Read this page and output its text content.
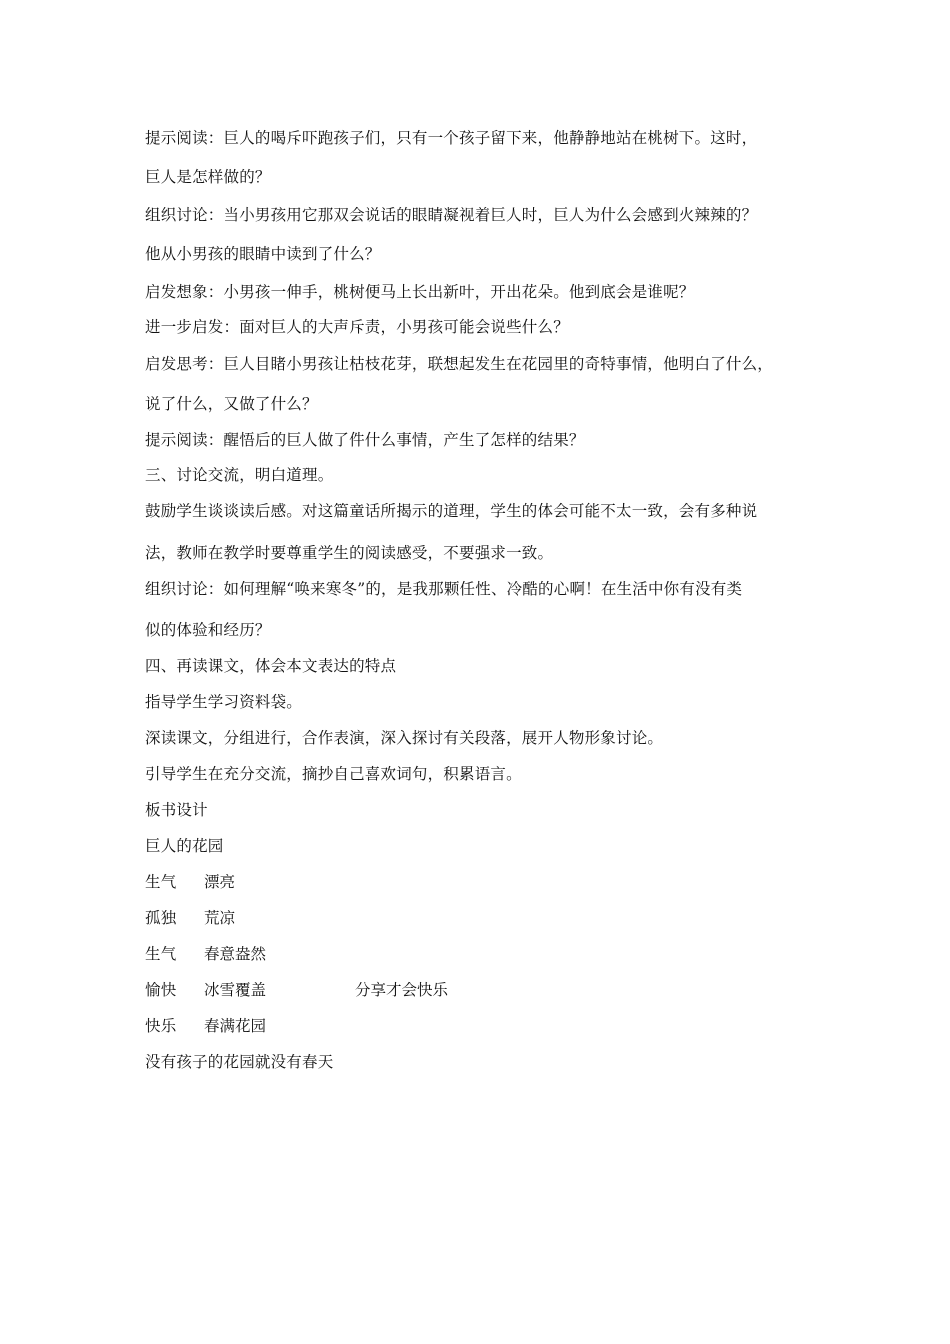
提示阅读：巨人的喝斥吓跑孩子们，只有一个孩子留下来，他静静地站在桃树下。这时，
巨人是怎样做的？
组织讨论：当小男孩用它那双会说话的眼睛凝视着巨人时，巨人为什么会感到火辣辣的？
他从小男孩的眼睛中读到了什么？
启发想象：小男孩一伸手，桃树便马上长出新叶，开出花朵。他到底会是谁呢？
进一步启发：面对巨人的大声斥责，小男孩可能会说些什么？
启发思考：巨人目睹小男孩让枯枝花芽，联想起发生在花园里的奇特事情，他明白了什么，
说了什么，又做了什么？
提示阅读：醒悟后的巨人做了件什么事情，产生了怎样的结果？
三、讨论交流，明白道理。
鼓励学生谈谈读后感。对这篇童话所揭示的道理，学生的体会可能不太一致，会有多种说
法，教师在教学时要尊重学生的阅读感受，不要强求一致。
组织讨论：如何理解“唤来寒冬”的，是我那颗任性、冷酷的心啊！在生活中你有没有类
似的体验和经历？
四、再读课文，体会本文表达的特点
指导学生学习资料袋。
深读课文，分组进行，合作表演，深入探讨有关段落，展开人物形象讨论。
引导学生在充分交流，摘抄自己喜欢词句，积累语言。
板书设计
巨人的花园
生气 漂亮
孤独 荒凉
生气 春意盎然
愉快 冰雪覆盖	分享才会快乐
快乐 春满花园
没有孩子的花园就没有春天
